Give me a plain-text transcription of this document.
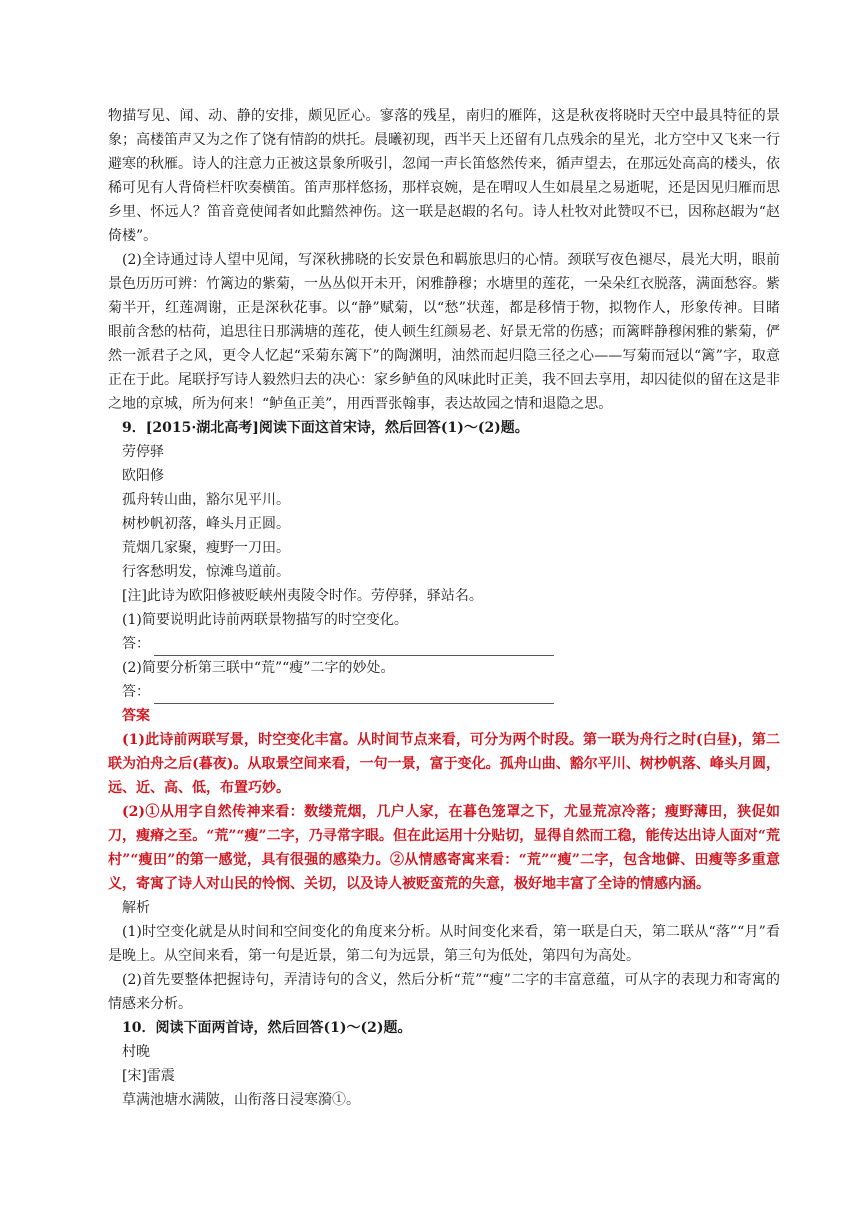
物描写见、闻、动、静的安排，颇见匠心。寥落的残星，南归的雁阵，这是秋夜将晓时天空中最具特征的景象；高楼笛声又为之作了饶有情韵的烘托。晨曦初现，西半天上还留有几点残余的星光，北方空中又飞来一行避寒的秋雁。诗人的注意力正被这景象所吸引，忽闻一声长笛悠然传来，循声望去，在那远处高高的楼头，依稀可见有人背倚栏杆吹奏横笛。笛声那样悠扬，那样哀婉，是在喟叹人生如晨星之易逝呢，还是因见归雁而思乡里、怀远人？笛音竟使闻者如此黯然神伤。这一联是赵嘏的名句。诗人杜牧对此赞叹不已，因称赵嘏为“赵倚楼”。

(2)全诗通过诗人望中见闻，写深秋拂晓的长安景色和羁旅思归的心情。颈联写夜色褪尽，晨光大明，眼前景色历历可辨：竹篱边的紫菊，一丛丛似开未开，闲雅静穆；水塘里的莲花，一朵朵红衣脱落，满面愁容。紫菊半开，红莲凋谢，正是深秋花事。以“静”赋菊，以“愁”状莲，都是移情于物，拟物作人，形象传神。目睹眼前含愁的枯荷，追思往日那满塘的莲花，使人顿生红颜易老、好景无常的伤感；而篱畔静穆闲雅的紫菊，俨然一派君子之风，更令人忆起“采菊东篱下”的陶渊明，油然而起归隐三径之心——写菊而冠以“篱”字，取意正在于此。尾联抒写诗人毅然归去的决心：家乡鲈鱼的风味此时正美，我不回去享用，却囚徒似的留在这是非之地的京城，所为何来！“鲈鱼正美”，用西晋张翰事，表达故园之情和退隐之思。

9．[2015·湖北高考]阅读下面这首宋诗，然后回答(1)～(2)题。

劳停驿

欧阳修

孤舟转山曲，豁尔见平川。

树杪帆初落，峰头月正圆。

荒烟几家聚，瘦野一刀田。

行客愁明发，惊滩鸟道前。

[注]此诗为欧阳修被贬峡州夷陵令时作。劳停驿，驿站名。

(1)简要说明此诗前两联景物描写的时空变化。

答：

(2)简要分析第三联中“荒”“瘦”二字的妙处。

答：

答案

(1)此诗前两联写景，时空变化丰富。从时间节点来看，可分为两个时段。第一联为舟行之时(白昼)，第二联为泊舟之后(暮夜)。从取景空间来看，一句一景，富于变化。孤舟山曲、豁尔平川、树杪帆落、峰头月圆，远、近、高、低，布置巧妙。

(2)①从用字自然传神来看：数缕荒烟，几户人家，在暮色笼罩之下，尤显荒凉冷落；瘦野薄田，狭促如刀，瘦瘠之至。“荒”“瘦”二字，乃寻常字眼。但在此运用十分贴切，显得自然而工稳，能传达出诗人面对“荒村”“瘦田”的第一感觉，具有很强的感染力。②从情感寄寓来看：“荒”“瘦”二字，包含地僻、田瘦等多重意义，寄寓了诗人对山民的怜悯、关切，以及诗人被贬蛮荒的失意，极好地丰富了全诗的情感内涵。

解析

(1)时空变化就是从时间和空间变化的角度来分析。从时间变化来看，第一联是白天，第二联从“落”“月”看是晚上。从空间来看，第一句是近景，第二句为远景，第三句为低处，第四句为高处。

(2)首先要整体把握诗句，弄清诗句的含义，然后分析“荒”“瘦”二字的丰富意蕴，可从字的表现力和寄寓的情感来分析。

10．阅读下面两首诗，然后回答(1)～(2)题。

村晚

[宋]雷震

草满池塘水满陂，山衔落日浸寒漪①。
